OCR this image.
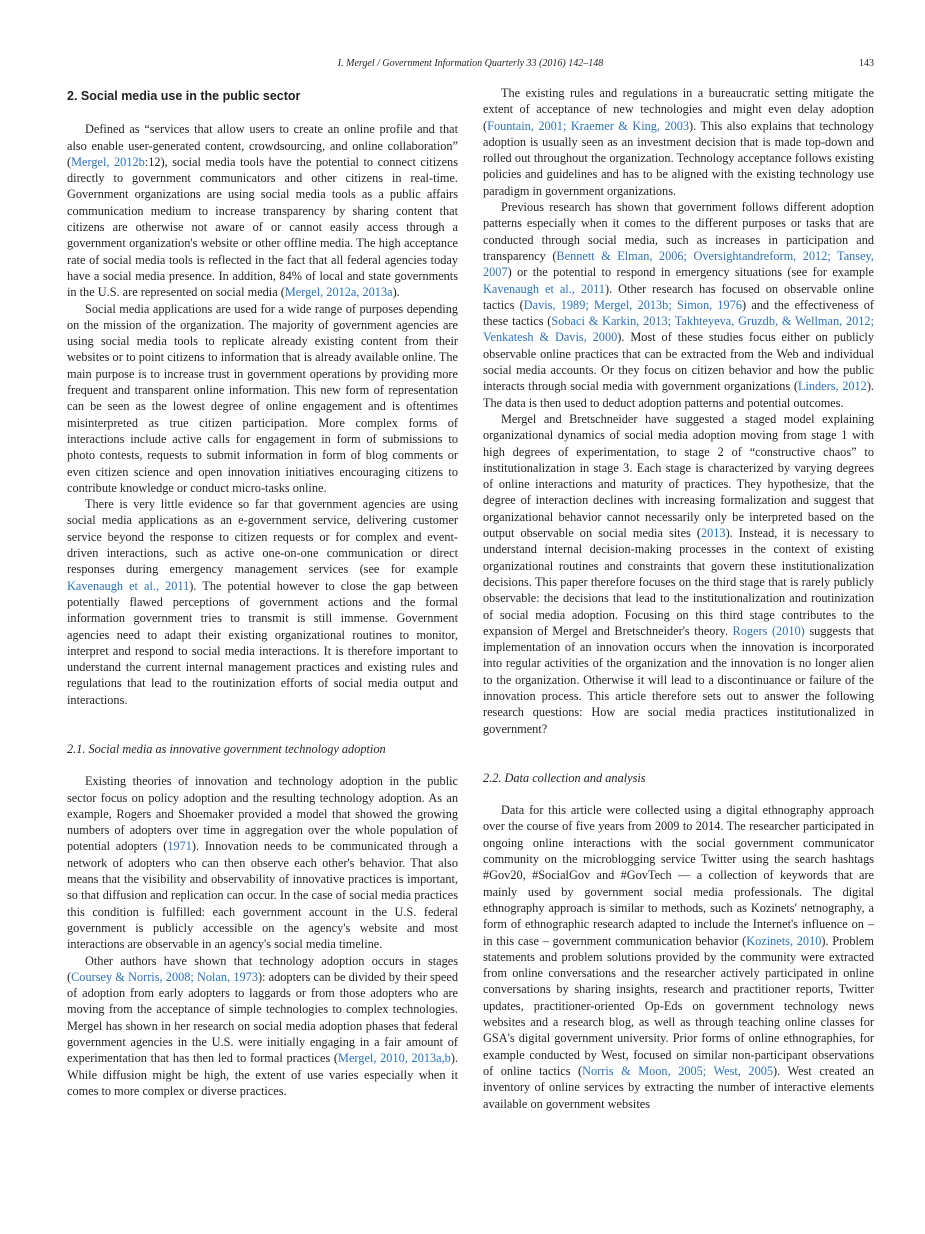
I. Mergel / Government Information Quarterly 33 (2016) 142–148	143
2. Social media use in the public sector

Defined as “services that allow users to create an online profile and that also enable user-generated content, crowdsourcing, and online collaboration” (Mergel, 2012b:12), social media tools have the potential to connect citizens directly to government communicators and other citizens in real-time. Government organizations are using social media tools as a public affairs communication medium to increase transparency by sharing content that citizens are otherwise not aware of or cannot easily access through a government organization's website or other offline media. The high acceptance rate of social media tools is reflected in the fact that all federal agencies today have a social media presence. In addition, 84% of local and state governments in the U.S. are represented on social media (Mergel, 2012a, 2013a).

Social media applications are used for a wide range of purposes depending on the mission of the organization. The majority of government agencies are using social media tools to replicate already existing content from their websites or to point citizens to information that is already available online. The main purpose is to increase trust in government operations by providing more frequent and transparent online information. This new form of representation can be seen as the lowest degree of online engagement and is oftentimes misinterpreted as true citizen participation. More complex forms of interactions include active calls for engagement in form of submissions to photo contests, requests to submit information in form of blog comments or even citizen science and open innovation initiatives encouraging citizens to contribute knowledge or conduct micro-tasks online.

There is very little evidence so far that government agencies are using social media applications as an e-government service, delivering customer service beyond the response to citizen requests or for complex and event-driven interactions, such as active one-on-one communication or direct responses during emergency management services (see for example Kavenaugh et al., 2011). The potential however to close the gap between potentially flawed perceptions of government actions and the formal information government tries to transmit is still immense. Government agencies need to adapt their existing organizational routines to monitor, interpret and respond to social media interactions. It is therefore important to understand the current internal management practices and existing rules and regulations that lead to the routinization efforts of social media output and interactions.

2.1. Social media as innovative government technology adoption

Existing theories of innovation and technology adoption in the public sector focus on policy adoption and the resulting technology adoption. As an example, Rogers and Shoemaker provided a model that showed the growing numbers of adopters over time in aggregation over the whole population of potential adopters (1971). Innovation needs to be communicated through a network of adopters who can then observe each other's behavior. That also means that the visibility and observability of innovative practices is important, so that diffusion and replication can occur. In the case of social media practices this condition is fulfilled: each government account in the U.S. federal government is publicly accessible on the agency's website and most interactions are observable in an agency's social media timeline.

Other authors have shown that technology adoption occurs in stages (Coursey & Norris, 2008; Nolan, 1973): adopters can be divided by their speed of adoption from early adopters to laggards or from those adopters who are moving from the acceptance of simple technologies to complex technologies. Mergel has shown in her research on social media adoption phases that federal government agencies in the U.S. were initially engaging in a fair amount of experimentation that has then led to formal practices (Mergel, 2010, 2013a,b). While diffusion might be high, the extent of use varies especially when it comes to more complex or diverse practices.

The existing rules and regulations in a bureaucratic setting mitigate the extent of acceptance of new technologies and might even delay adoption (Fountain, 2001; Kraemer & King, 2003). This also explains that technology adoption is usually seen as an investment decision that is made top-down and rolled out throughout the organization. Technology acceptance follows existing policies and guidelines and has to be aligned with the existing technology use paradigm in government organizations.

Previous research has shown that government follows different adoption patterns especially when it comes to the different purposes or tasks that are conducted through social media, such as increases in participation and transparency (Bennett & Elman, 2006; Oversightandreform, 2012; Tansey, 2007) or the potential to respond in emergency situations (see for example Kavenaugh et al., 2011). Other research has focused on observable online tactics (Davis, 1989; Mergel, 2013b; Simon, 1976) and the effectiveness of these tactics (Sobaci & Karkin, 2013; Takhteyeva, Gruzdb, & Wellman, 2012; Venkatesh & Davis, 2000). Most of these studies focus either on publicly observable online practices that can be extracted from the Web and individual social media accounts. Or they focus on citizen behavior and how the public interacts through social media with government organizations (Linders, 2012). The data is then used to deduct adoption patterns and potential outcomes.

Mergel and Bretschneider have suggested a staged model explaining organizational dynamics of social media adoption moving from stage 1 with high degrees of experimentation, to stage 2 of “constructive chaos” to institutionalization in stage 3. Each stage is characterized by varying degrees of online interactions and maturity of practices. They hypothesize, that the degree of interaction declines with increasing formalization and suggest that organizational behavior cannot necessarily only be interpreted based on the output observable on social media sites (2013). Instead, it is necessary to understand internal decision-making processes in the context of existing organizational routines and constraints that govern these institutionalization decisions. This paper therefore focuses on the third stage that is rarely publicly observable: the decisions that lead to the institutionalization and routinization of social media adoption. Focusing on this third stage contributes to the expansion of Mergel and Bretschneider's theory. Rogers (2010) suggests that implementation of an innovation occurs when the innovation is incorporated into regular activities of the organization and the innovation is no longer alien to the organization. Otherwise it will lead to a discontinuance or failure of the innovation process. This article therefore sets out to answer the following research questions: How are social media practices institutionalized in government?

2.2. Data collection and analysis

Data for this article were collected using a digital ethnography approach over the course of five years from 2009 to 2014. The researcher participated in ongoing online interactions with the social government communicator community on the microblogging service Twitter using the search hashtags #Gov20, #SocialGov and #GovTech — a collection of keywords that are mainly used by government social media professionals. The digital ethnography approach is similar to methods, such as Kozinets' netnography, a form of ethnographic research adapted to include the Internet's influence on – in this case – government communication behavior (Kozinets, 2010). Problem statements and problem solutions provided by the community were extracted from online conversations and the researcher actively participated in online conversations by sharing insights, research and practitioner reports, Twitter updates, practitioner-oriented Op-Eds on government technology news websites and a research blog, as well as through teaching online classes for GSA's digital government university. Prior forms of online ethnographies, for example conducted by West, focused on similar non-participant observations of online tactics (Norris & Moon, 2005; West, 2005). West created an inventory of online services by extracting the number of interactive elements available on government websites
